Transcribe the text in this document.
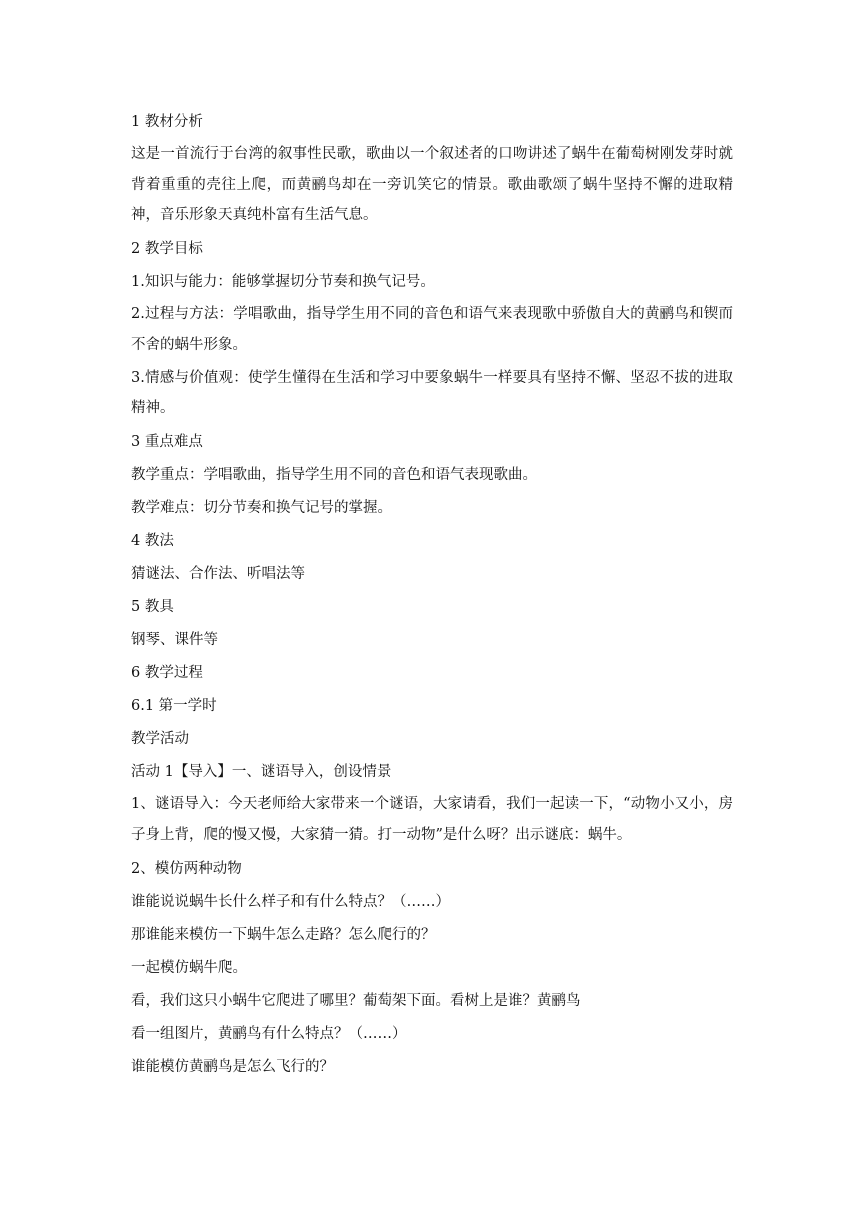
1 教材分析

这是一首流行于台湾的叙事性民歌，歌曲以一个叙述者的口吻讲述了蜗牛在葡萄树刚发芽时就背着重重的壳往上爬，而黄鹂鸟却在一旁讥笑它的情景。歌曲歌颂了蜗牛坚持不懈的进取精神，音乐形象天真纯朴富有生活气息。

2 教学目标

1.知识与能力：能够掌握切分节奏和换气记号。

2.过程与方法：学唱歌曲，指导学生用不同的音色和语气来表现歌中骄傲自大的黄鹂鸟和锲而不舍的蜗牛形象。

3.情感与价值观：使学生懂得在生活和学习中要象蜗牛一样要具有坚持不懈、坚忍不拔的进取精神。

3 重点难点

教学重点：学唱歌曲，指导学生用不同的音色和语气表现歌曲。

教学难点：切分节奏和换气记号的掌握。

4 教法

猜谜法、合作法、听唱法等

5 教具

钢琴、课件等

6 教学过程

6.1 第一学时

教学活动

活动 1【导入】一、谜语导入，创设情景

1、谜语导入：今天老师给大家带来一个谜语，大家请看，我们一起读一下，“动物小又小，房子身上背，爬的慢又慢，大家猜一猜。打一动物”是什么呀？出示谜底：蜗牛。

2、模仿两种动物

谁能说说蜗牛长什么样子和有什么特点？（……）

那谁能来模仿一下蜗牛怎么走路？怎么爬行的？

一起模仿蜗牛爬。

看，我们这只小蜗牛它爬进了哪里？葡萄架下面。看树上是谁？黄鹂鸟

看一组图片，黄鹂鸟有什么特点？（……）

谁能模仿黄鹂鸟是怎么飞行的？
